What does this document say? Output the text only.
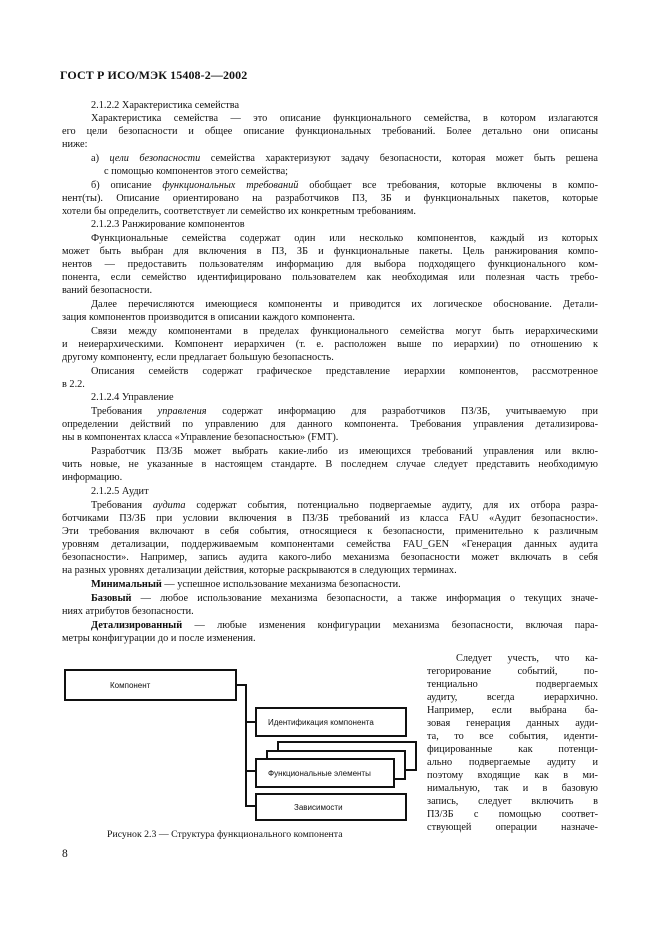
ГОСТ Р ИСО/МЭК 15408-2—2002
2.1.2.2 Характеристика семейства
Характеристика семейства — это описание функционального семейства, в котором излагаются
его цели безопасности и общее описание функциональных требований. Более детально они описаны
ниже:
а) цели безопасности семейства характеризуют задачу безопасности, которая может быть решена
с помощью компонентов этого семейства;
б) описание функциональных требований обобщает все требования, которые включены в компо-
нент(ты). Описание ориентировано на разработчиков ПЗ, ЗБ и функциональных пакетов, которые
хотели бы определить, соответствует ли семейство их конкретным требованиям.
2.1.2.3 Ранжирование компонентов
Функциональные семейства содержат один или несколько компонентов, каждый из которых
может быть выбран для включения в ПЗ, ЗБ и функциональные пакеты. Цель ранжирования компо-
нентов — предоставить пользователям информацию для выбора подходящего функционального ком-
понента, если семейство идентифицировано пользователем как необходимая или полезная часть требо-
ваний безопасности.
Далее перечисляются имеющиеся компоненты и приводится их логическое обоснование. Детали-
зация компонентов производится в описании каждого компонента.
Связи между компонентами в пределах функционального семейства могут быть иерархическими
и неиерархическими. Компонент иерархичен (т. е. расположен выше по иерархии) по отношению к
другому компоненту, если предлагает большую безопасность.
Описания семейств содержат графическое представление иерархии компонентов, рассмотренное
в 2.2.
2.1.2.4 Управление
Требования управления содержат информацию для разработчиков ПЗ/ЗБ, учитываемую при
определении действий по управлению для данного компонента. Требования управления детализирова-
ны в компонентах класса «Управление безопасностью» (FMT).
Разработчик ПЗ/ЗБ может выбрать какие-либо из имеющихся требований управления или вклю-
чить новые, не указанные в настоящем стандарте. В последнем случае следует представить необходимую
информацию.
2.1.2.5 Аудит
Требования аудита содержат события, потенциально подвергаемые аудиту, для их отбора разра-
ботчиками ПЗ/ЗБ при условии включения в ПЗ/ЗБ требований из класса FAU «Аудит безопасности».
Эти требования включают в себя события, относящиеся к безопасности, применительно к различным
уровням детализации, поддерживаемым компонентами семейства FAU_GEN «Генерация данных аудита
безопасности». Например, запись аудита какого-либо механизма безопасности может включать в себя
на разных уровнях детализации действия, которые раскрываются в следующих терминах.
Минимальный — успешное использование механизма безопасности.
Базовый — любое использование механизма безопасности, а также информация о текущих значе-
ниях атрибутов безопасности.
Детализированный — любые изменения конфигурации механизма безопасности, включая пара-
метры конфигурации до и после изменения.
Следует учесть, что ка-
тегорирование событий, по-
тенциально подвергаемых
аудиту, всегда иерархично.
Например, если выбрана ба-
зовая генерация данных ауди-
та, то все события, иденти-
фицированные как потенци-
ально подвергаемые аудиту и
поэтому входящие как в ми-
нимальную, так и в базовую
запись, следует включить в
ПЗ/ЗБ с помощью соответ-
ствующей операции назначе-
Компонент
Идентификация компонента
Функциональные элементы
Зависимости
Рисунок 2.3 — Структура функционального компонента
8
